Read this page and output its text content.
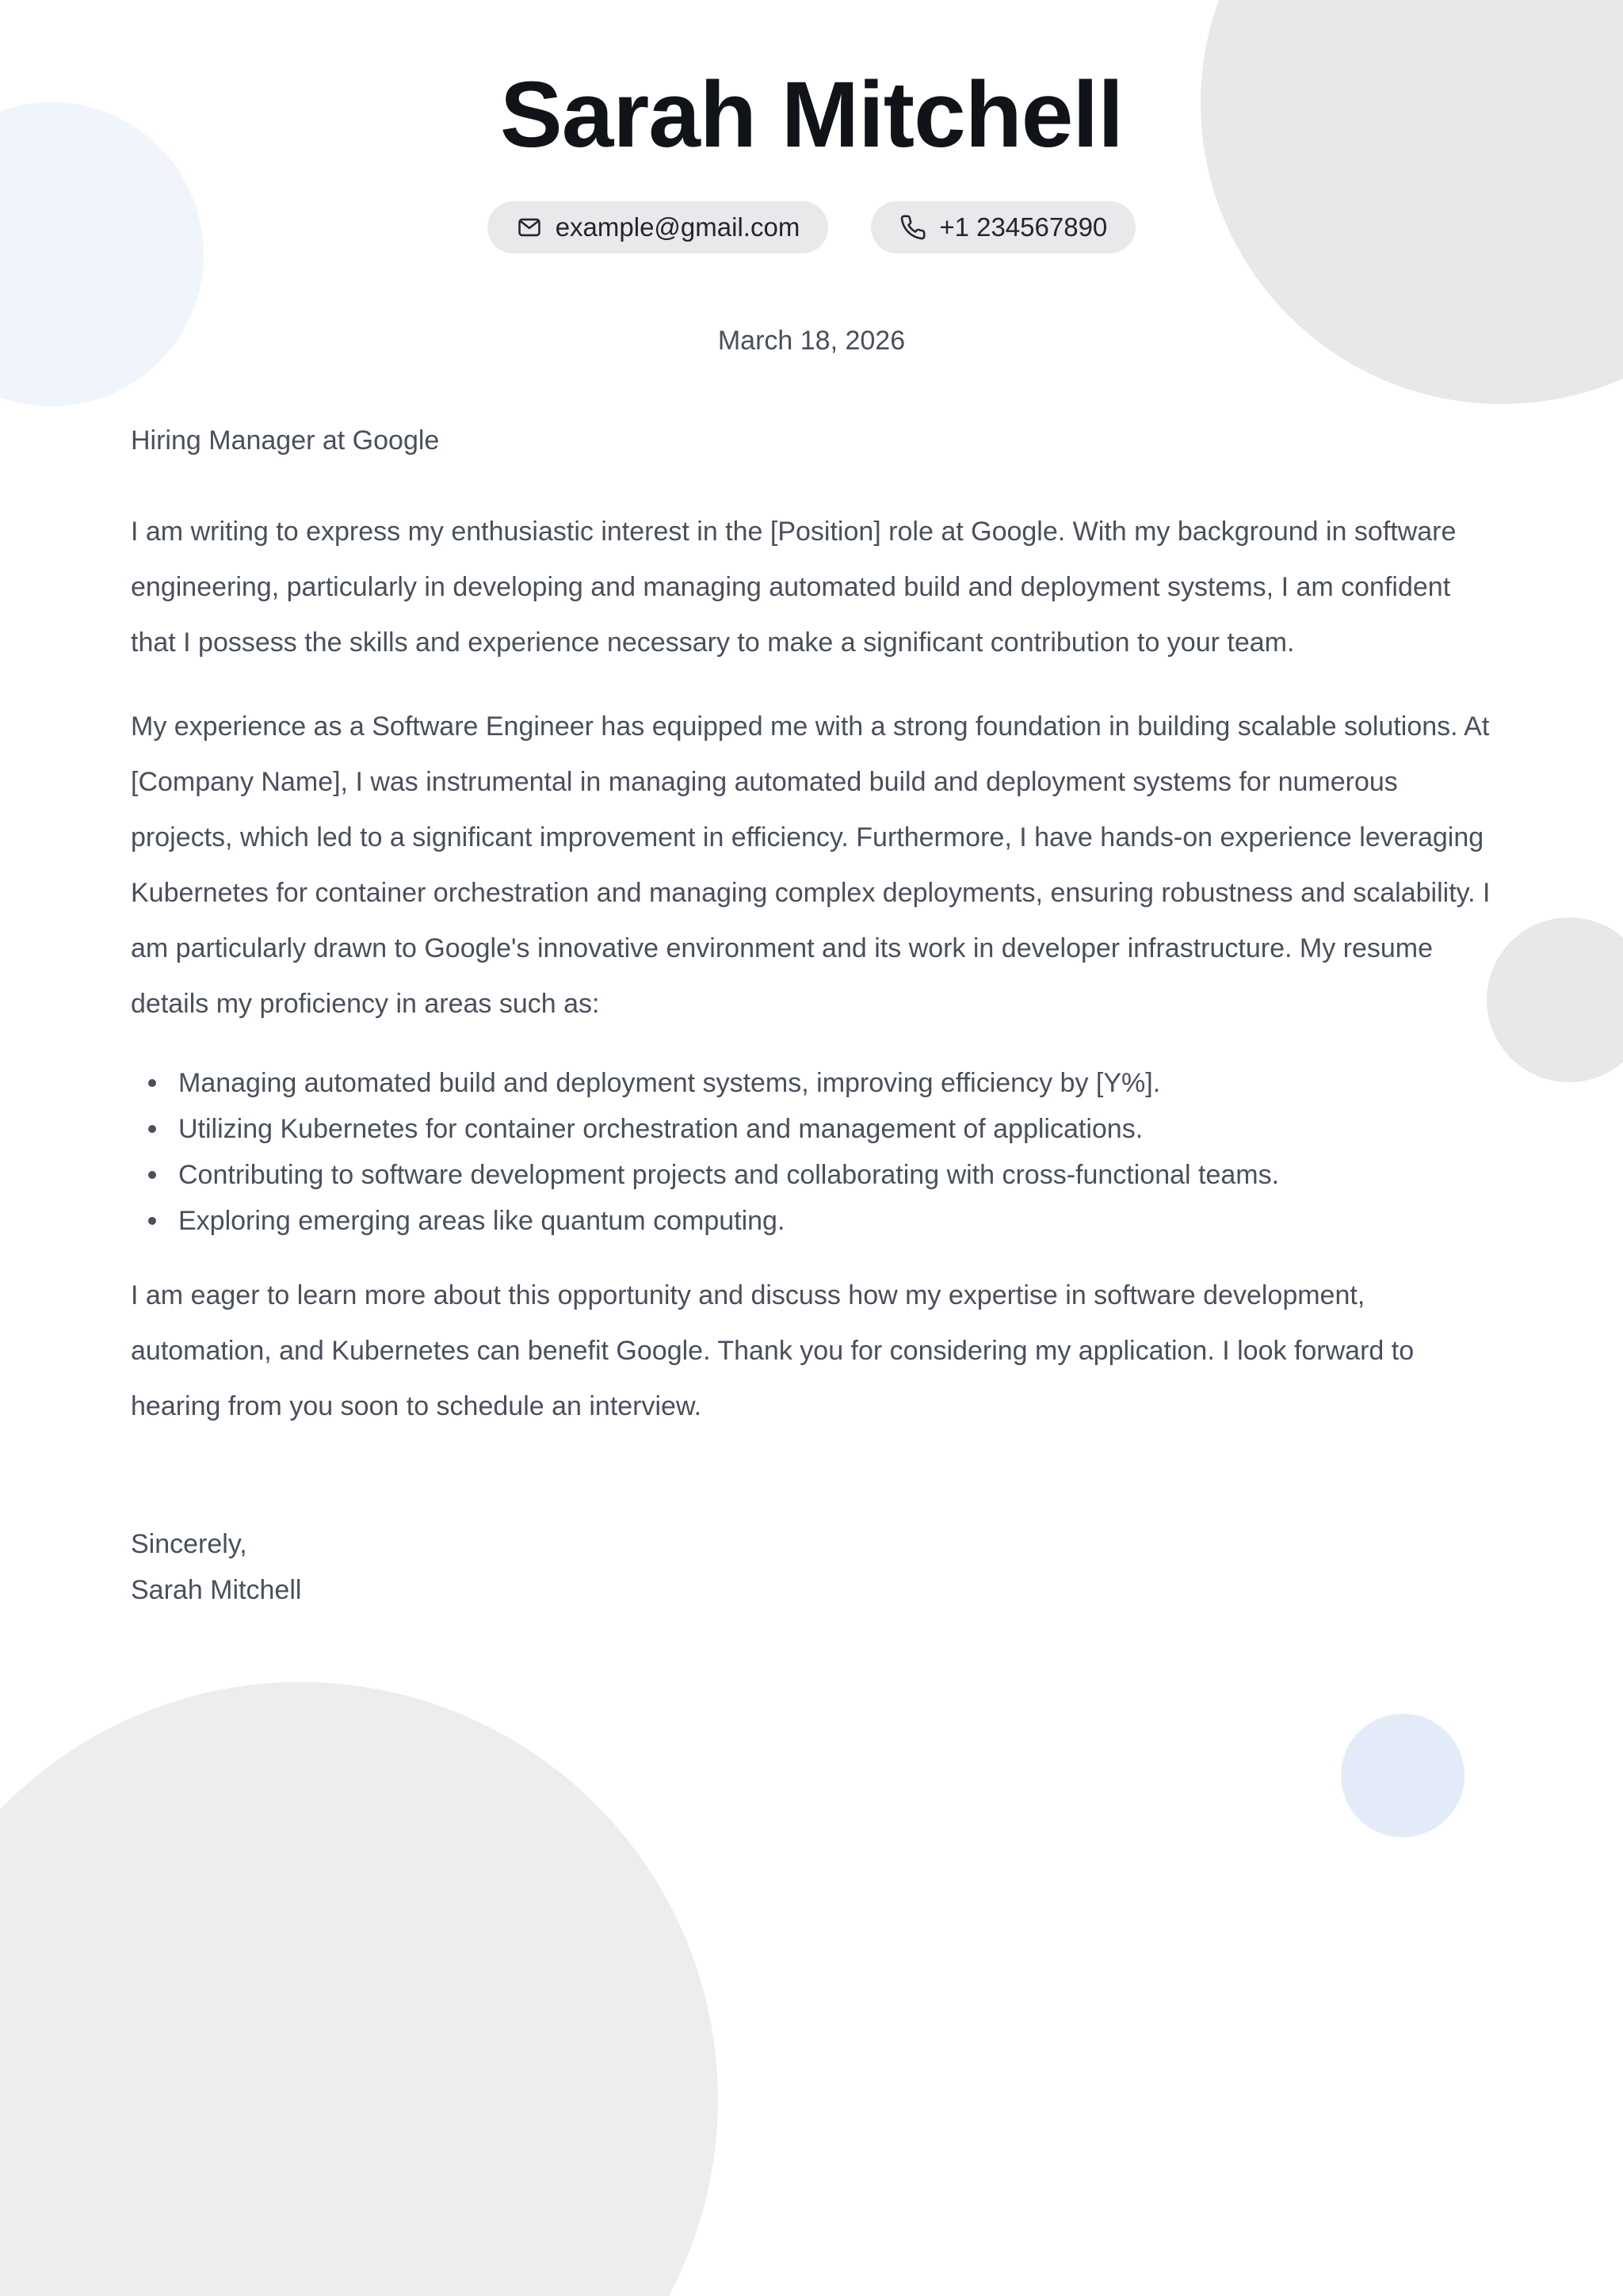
Sarah Mitchell
example@gmail.com	+1 234567890
March 18, 2026
Hiring Manager at Google

I am writing to express my enthusiastic interest in the [Position] role at Google. With my background in software engineering, particularly in developing and managing automated build and deployment systems, I am confident that I possess the skills and experience necessary to make a significant contribution to your team.

My experience as a Software Engineer has equipped me with a strong foundation in building scalable solutions. At [Company Name], I was instrumental in managing automated build and deployment systems for numerous projects, which led to a significant improvement in efficiency. Furthermore, I have hands-on experience leveraging Kubernetes for container orchestration and managing complex deployments, ensuring robustness and scalability. I am particularly drawn to Google's innovative environment and its work in developer infrastructure. My resume details my proficiency in areas such as:

Managing automated build and deployment systems, improving efficiency by [Y%].
Utilizing Kubernetes for container orchestration and management of applications.
Contributing to software development projects and collaborating with cross-functional teams.
Exploring emerging areas like quantum computing.

I am eager to learn more about this opportunity and discuss how my expertise in software development, automation, and Kubernetes can benefit Google. Thank you for considering my application. I look forward to hearing from you soon to schedule an interview.

Sincerely,
Sarah Mitchell
